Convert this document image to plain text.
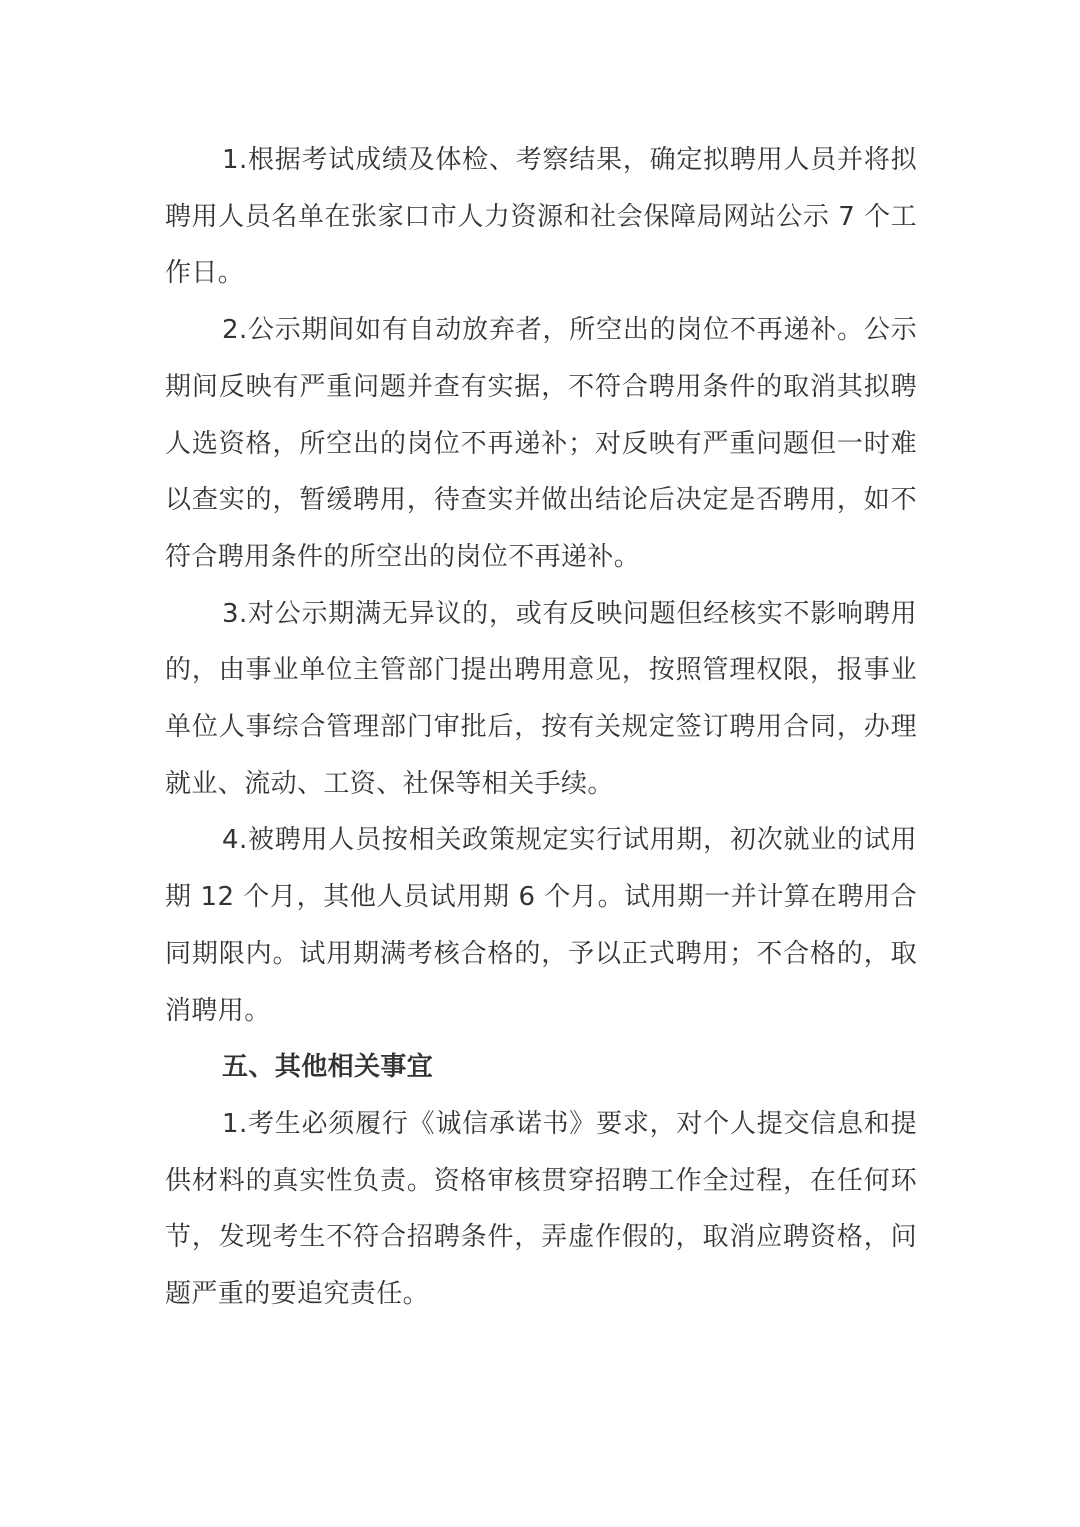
1.根据考试成绩及体检、考察结果，确定拟聘用人员并将拟聘用人员名单在张家口市人力资源和社会保障局网站公示 7 个工作日。

2.公示期间如有自动放弃者，所空出的岗位不再递补。公示期间反映有严重问题并查有实据，不符合聘用条件的取消其拟聘人选资格，所空出的岗位不再递补；对反映有严重问题但一时难以查实的，暂缓聘用，待查实并做出结论后决定是否聘用，如不符合聘用条件的所空出的岗位不再递补。

3.对公示期满无异议的，或有反映问题但经核实不影响聘用的，由事业单位主管部门提出聘用意见，按照管理权限，报事业单位人事综合管理部门审批后，按有关规定签订聘用合同，办理就业、流动、工资、社保等相关手续。

4.被聘用人员按相关政策规定实行试用期，初次就业的试用期 12 个月，其他人员试用期 6 个月。试用期一并计算在聘用合同期限内。试用期满考核合格的，予以正式聘用；不合格的，取消聘用。

五、其他相关事宜

1.考生必须履行《诚信承诺书》要求，对个人提交信息和提供材料的真实性负责。资格审核贯穿招聘工作全过程，在任何环节，发现考生不符合招聘条件，弄虚作假的，取消应聘资格，问题严重的要追究责任。
